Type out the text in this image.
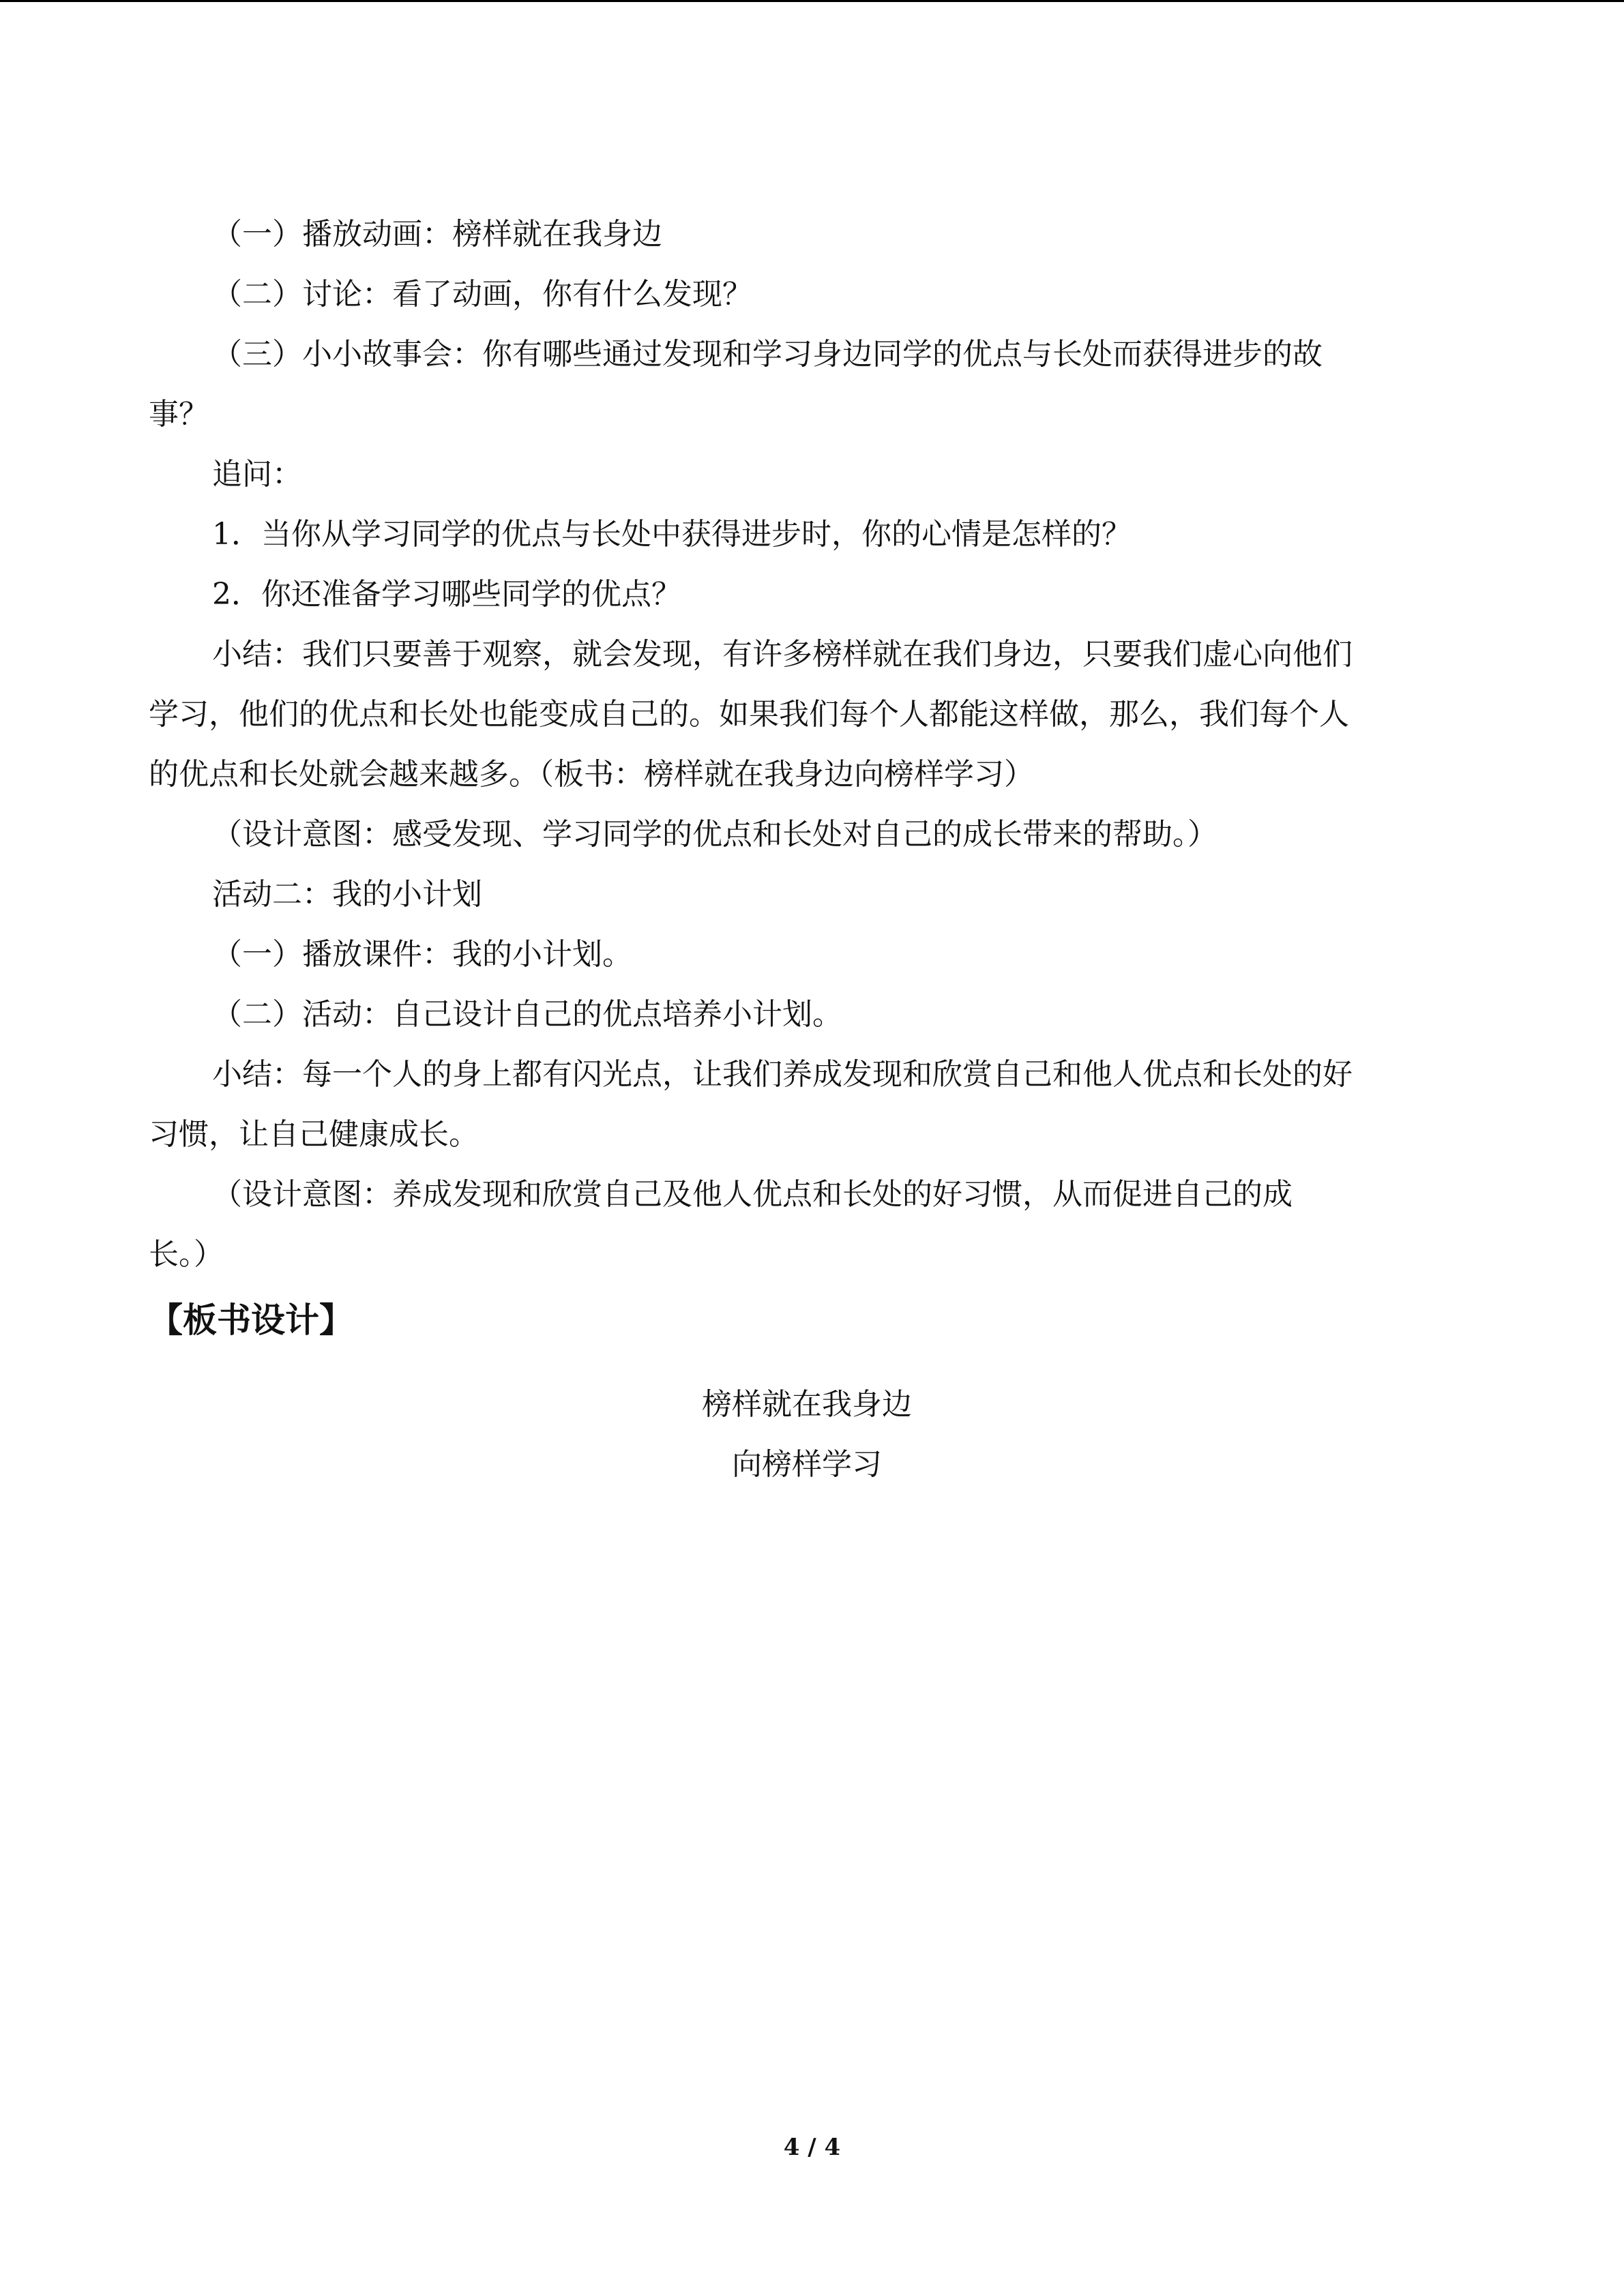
（一）播放动画：榜样就在我身边
（二）讨论：看了动画，你有什么发现？
（三）小小故事会：你有哪些通过发现和学习身边同学的优点与长处而获得进步的故
事？
追问：
1．当你从学习同学的优点与长处中获得进步时，你的心情是怎样的？
2．你还准备学习哪些同学的优点？
小结：我们只要善于观察，就会发现，有许多榜样就在我们身边，只要我们虚心向他们
学习，他们的优点和长处也能变成自己的。如果我们每个人都能这样做，那么，我们每个人
的优点和长处就会越来越多。（板书：榜样就在我身边向榜样学习）
（设计意图：感受发现、学习同学的优点和长处对自己的成长带来的帮助。）
活动二：我的小计划
（一）播放课件：我的小计划。
（二）活动：自己设计自己的优点培养小计划。
小结：每一个人的身上都有闪光点，让我们养成发现和欣赏自己和他人优点和长处的好
习惯，让自己健康成长。
（设计意图：养成发现和欣赏自己及他人优点和长处的好习惯，从而促进自己的成
长。）
【板书设计】
榜样就在我身边
向榜样学习
4 / 4
